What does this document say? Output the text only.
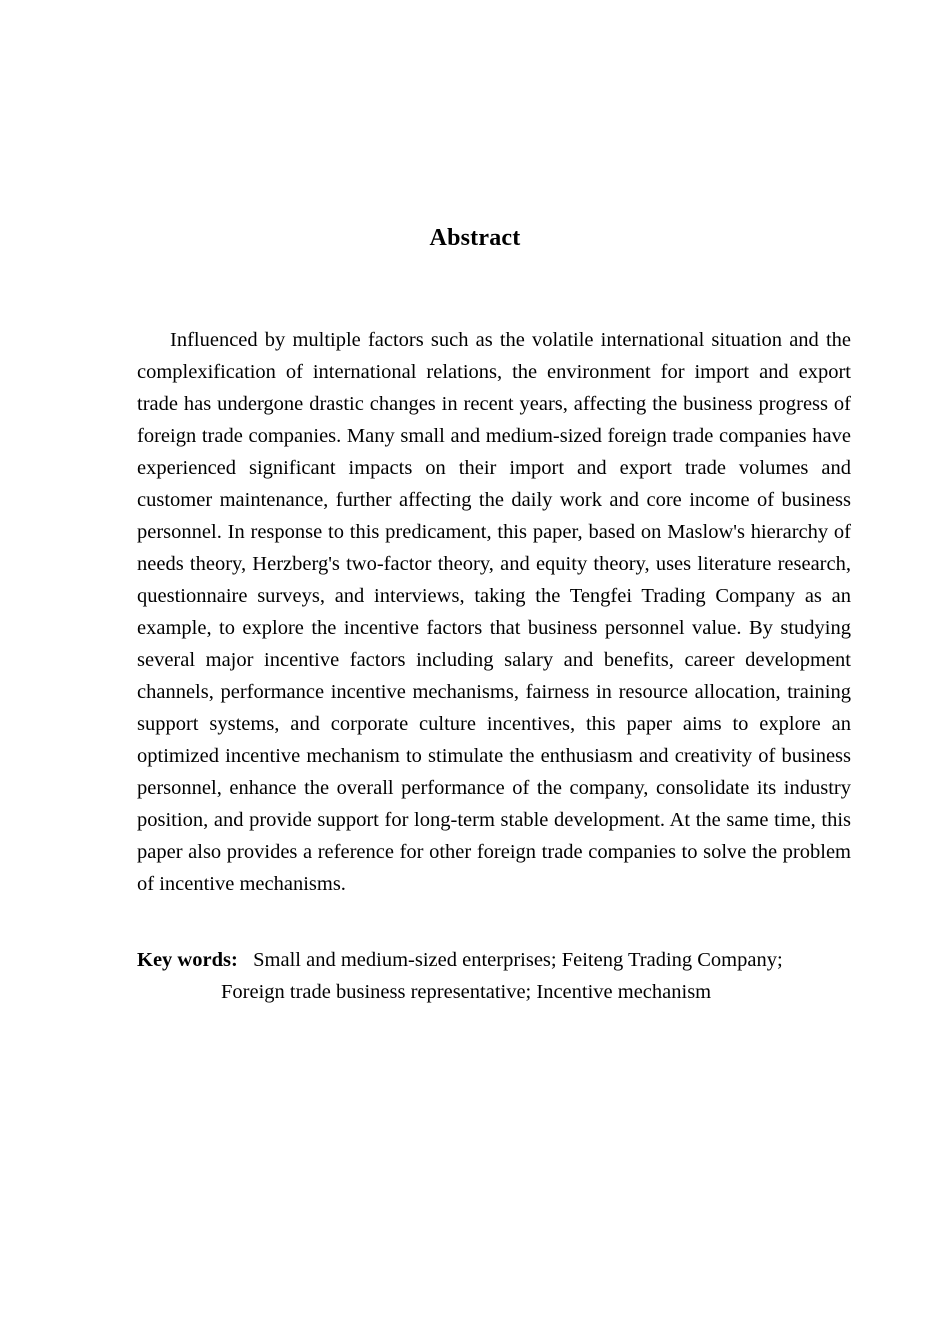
Abstract

Influenced by multiple factors such as the volatile international situation and the complexification of international relations, the environment for import and export trade has undergone drastic changes in recent years, affecting the business progress of foreign trade companies. Many small and medium-sized foreign trade companies have experienced significant impacts on their import and export trade volumes and customer maintenance, further affecting the daily work and core income of business personnel. In response to this predicament, this paper, based on Maslow's hierarchy of needs theory, Herzberg's two-factor theory, and equity theory, uses literature research, questionnaire surveys, and interviews, taking the Tengfei Trading Company as an example, to explore the incentive factors that business personnel value. By studying several major incentive factors including salary and benefits, career development channels, performance incentive mechanisms, fairness in resource allocation, training support systems, and corporate culture incentives, this paper aims to explore an optimized incentive mechanism to stimulate the enthusiasm and creativity of business personnel, enhance the overall performance of the company, consolidate its industry position, and provide support for long-term stable development. At the same time, this paper also provides a reference for other foreign trade companies to solve the problem of incentive mechanisms.

Key words:   Small and medium-sized enterprises; Feiteng Trading Company;
Foreign trade business representative; Incentive mechanism
